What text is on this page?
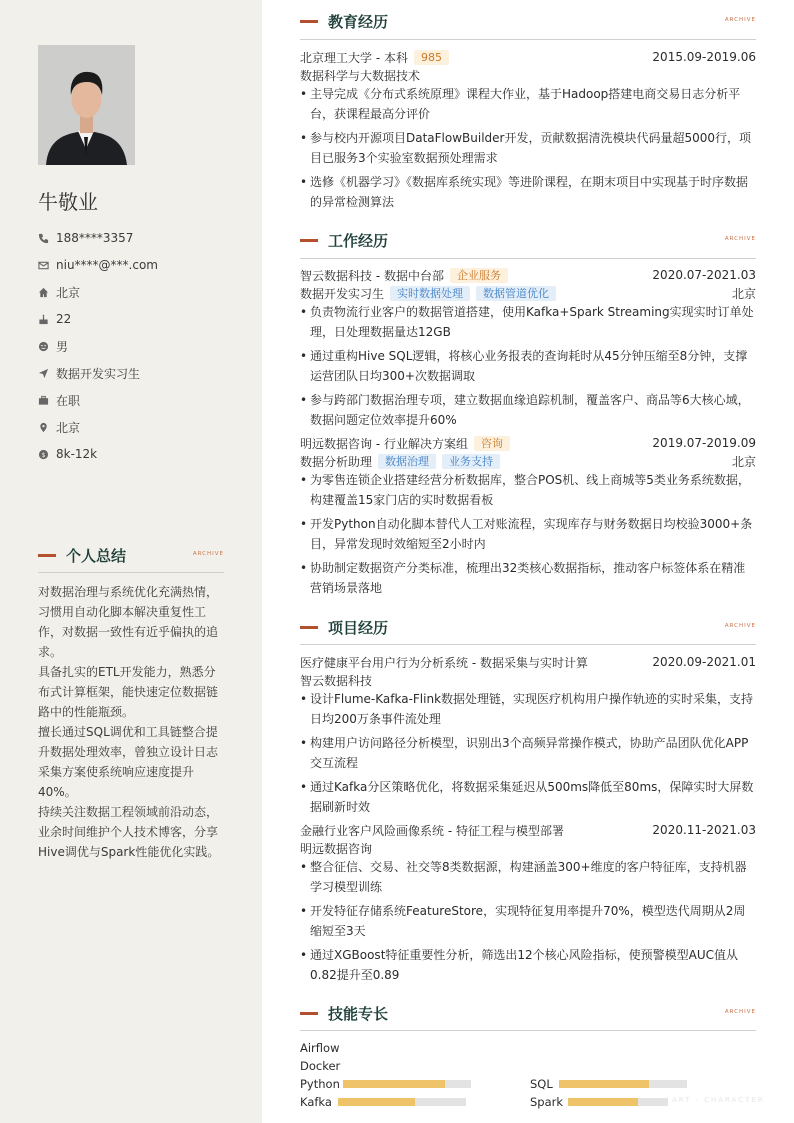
牛敬业
188****3357
niu****@***.com
北京
22
男
数据开发实习生
在职
北京
$ 8k-12k
个人总结	ARCHIVE

对数据治理与系统优化充满热情，习惯用自动化脚本解决重复性工作，对数据一致性有近乎偏执的追求。

具备扎实的ETL开发能力，熟悉分布式计算框架，能快速定位数据链路中的性能瓶颈。

擅长通过SQL调优和工具链整合提升数据处理效率，曾独立设计日志采集方案使系统响应速度提升40%。

持续关注数据工程领域前沿动态，业余时间维护个人技术博客，分享Hive调优与Spark性能优化实践。

教育经历	ARCHIVE
北京理工大学 - 本科	985	2015.09-2019.06
数据科学与大数据技术
• 主导完成《分布式系统原理》课程大作业，基于Hadoop搭建电商交易日志分析平台，获课程最高分评价
• 参与校内开源项目DataFlowBuilder开发，贡献数据清洗模块代码量超5000行，项目已服务3个实验室数据预处理需求
• 选修《机器学习》《数据库系统实现》等进阶课程，在期末项目中实现基于时序数据的异常检测算法
工作经历	ARCHIVE
智云数据科技 - 数据中台部	企业服务	2020.07-2021.03
数据开发实习生	实时数据处理	数据管道优化	北京
• 负责物流行业客户的数据管道搭建，使用Kafka+Spark Streaming实现实时订单处理，日处理数据量达12GB
• 通过重构Hive SQL逻辑，将核心业务报表的查询耗时从45分钟压缩至8分钟，支撑运营团队日均300+次数据调取
• 参与跨部门数据治理专项，建立数据血缘追踪机制，覆盖客户、商品等6大核心域，数据问题定位效率提升60%
明远数据咨询 - 行业解决方案组	咨询	2019.07-2019.09
数据分析助理	数据治理	业务支持	北京
• 为零售连锁企业搭建经营分析数据库，整合POS机、线上商城等5类业务系统数据，构建覆盖15家门店的实时数据看板
• 开发Python自动化脚本替代人工对账流程，实现库存与财务数据日均校验3000+条目，异常发现时效缩短至2小时内
• 协助制定数据资产分类标准，梳理出32类核心数据指标，推动客户标签体系在精准营销场景落地
项目经历	ARCHIVE
医疗健康平台用户行为分析系统 - 数据采集与实时计算	2020.09-2021.01
智云数据科技
• 设计Flume-Kafka-Flink数据处理链，实现医疗机构用户操作轨迹的实时采集，支持日均200万条事件流处理
• 构建用户访问路径分析模型，识别出3个高频异常操作模式，协助产品团队优化APP交互流程
• 通过Kafka分区策略优化，将数据采集延迟从500ms降低至80ms，保障实时大屏数据刷新时效
金融行业客户风险画像系统 - 特征工程与模型部署	2020.11-2021.03
明远数据咨询
• 整合征信、交易、社交等8类数据源，构建涵盖300+维度的客户特征库，支持机器学习模型训练
• 开发特征存储系统FeatureStore，实现特征复用率提升70%，模型迭代周期从2周缩短至3天
• 通过XGBoost特征重要性分析，筛选出12个核心风险指标，使预警模型AUC值从0.82提升至0.89
技能专长	ARCHIVE
Airflow
Docker
Python	SQL
Kafka	Spark	ART · CHARACTER
